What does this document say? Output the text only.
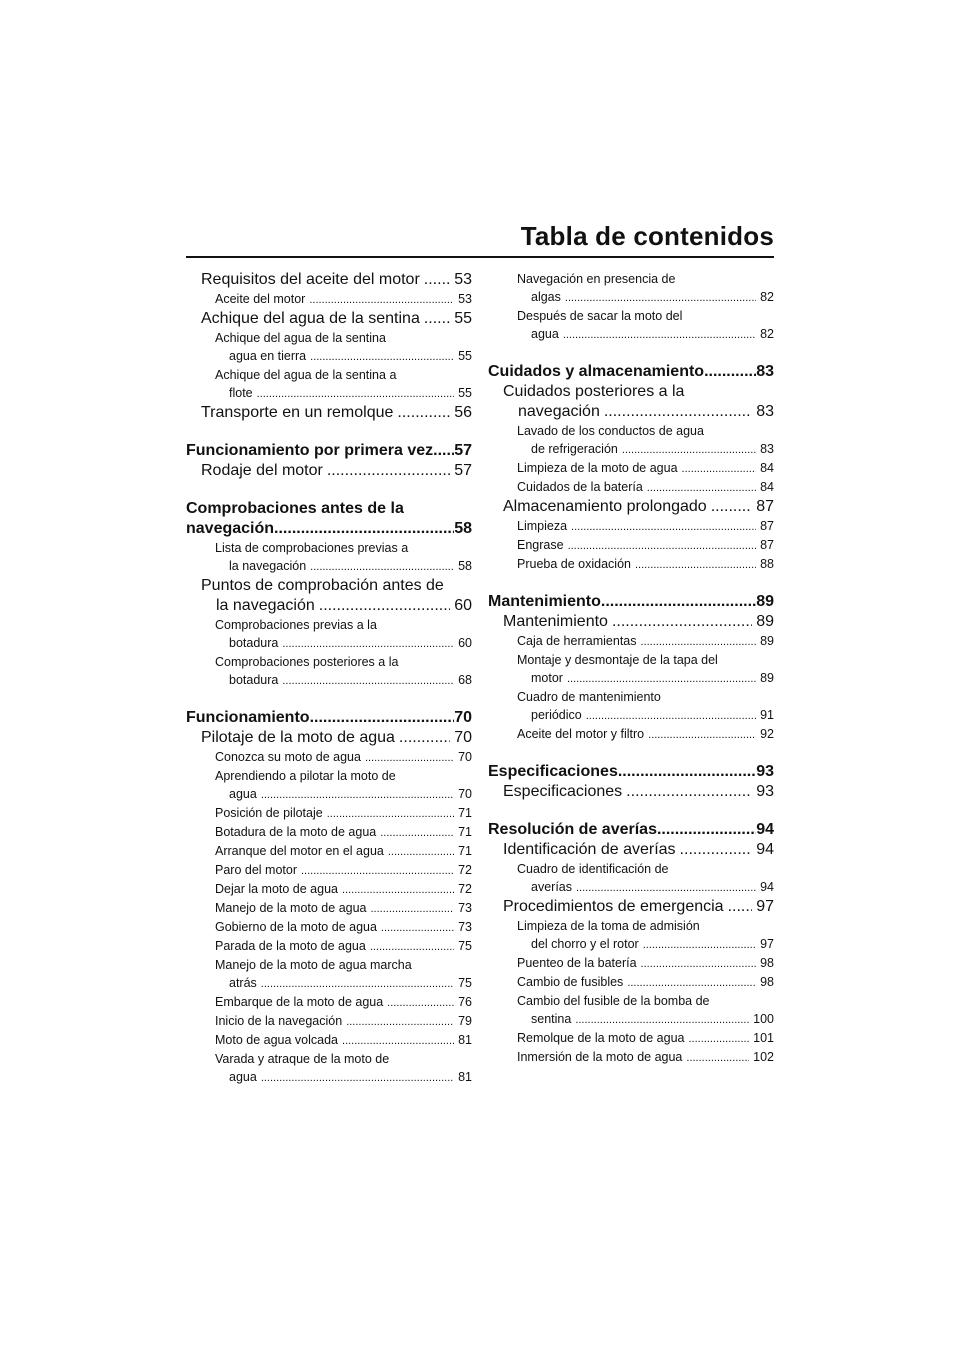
Tabla de contenidos
Requisitos del aceite del motor ..... 53
Aceite del motor .....	53
Achique del agua de la sentina ..... 55
Achique del agua de la sentina
agua en tierra .....	55
Achique del agua de la sentina a
flote .....	55
Transporte en un remolque .....	56
Funcionamiento por primera vez ..... 57
Rodaje del motor .....	57
Comprobaciones antes de la
navegación .....	58
Lista de comprobaciones previas a
la navegación .....	58
Puntos de comprobación antes de
la navegación .....	60
Comprobaciones previas a la
botadura .....	60
Comprobaciones posteriores a la
botadura .....	68
Funcionamiento .....	70
Pilotaje de la moto de agua .....	70
Conozca su moto de agua .....	70
Aprendiendo a pilotar la moto de
agua .....	70
Posición de pilotaje .....	71
Botadura de la moto de agua .....	71
Arranque del motor en el agua .....	71
Paro del motor .....	72
Dejar la moto de agua .....	72
Manejo de la moto de agua .....	73
Gobierno de la moto de agua .....	73
Parada de la moto de agua .....	75
Manejo de la moto de agua marcha
atrás .....	75
Embarque de la moto de agua .....	76
Inicio de la navegación .....	79
Moto de agua volcada .....	81
Varada y atraque de la moto de
agua .....	81
Navegación en presencia de
algas .....	82
Después de sacar la moto del
agua .....	82
Cuidados y almacenamiento .....	83
Cuidados posteriores a la
navegación .....	83
Lavado de los conductos de agua
de refrigeración .....	83
Limpieza de la moto de agua .....	84
Cuidados de la batería .....	84
Almacenamiento prolongado .....	87
Limpieza .....	87
Engrase .....	87
Prueba de oxidación .....	88
Mantenimiento .....	89
Mantenimiento .....	89
Caja de herramientas .....	89
Montaje y desmontaje de la tapa del
motor .....	89
Cuadro de mantenimiento
periódico .....	91
Aceite del motor y filtro .....	92
Especificaciones .....	93
Especificaciones .....	93
Resolución de averías .....	94
Identificación de averías .....	94
Cuadro de identificación de
averías .....	94
Procedimientos de emergencia ..... 97
Limpieza de la toma de admisión
del chorro y el rotor .....	97
Puenteo de la batería .....	98
Cambio de fusibles .....	98
Cambio del fusible de la bomba de
sentina .....	100
Remolque de la moto de agua .....	101
Inmersión de la moto de agua .....	102
